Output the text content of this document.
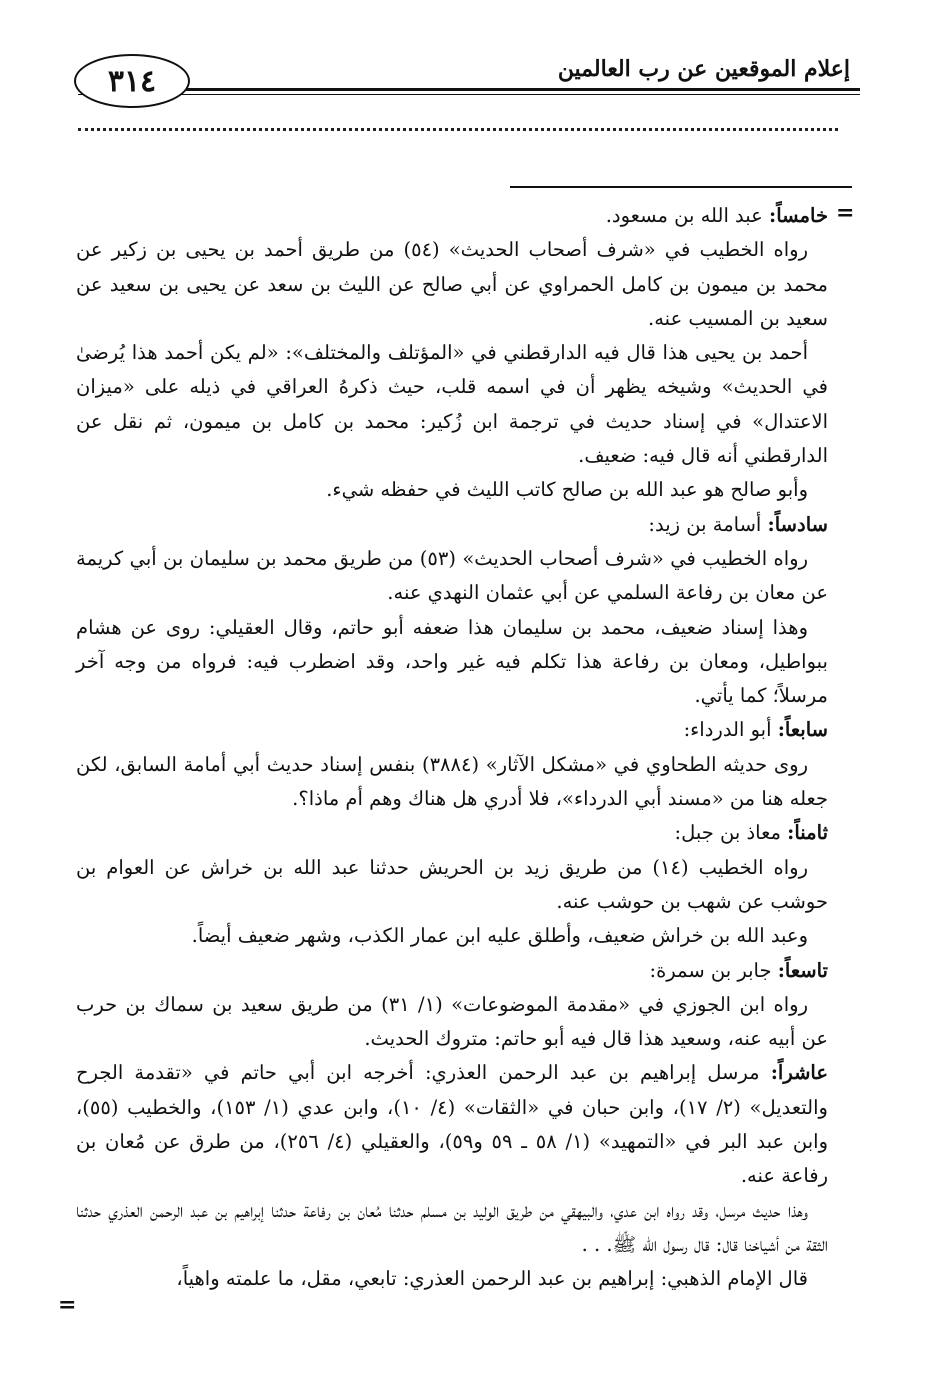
إعلام الموقعين عن رب العالمين
٣١٤
=
=

خامساً: عبد الله بن مسعود.

رواه الخطيب في «شرف أصحاب الحديث» (٥٤) من طريق أحمد بن يحيى بن زكير عن محمد بن ميمون بن كامل الحمراوي عن أبي صالح عن الليث بن سعد عن يحيى بن سعيد عن سعيد بن المسيب عنه.

أحمد بن يحيى هذا قال فيه الدارقطني في «المؤتلف والمختلف»: «لم يكن أحمد هذا يُرضىٰ في الحديث» وشيخه يظهر أن في اسمه قلب، حيث ذكرهُ العراقي في ذيله على «ميزان الاعتدال» في إسناد حديث في ترجمة ابن زُكير: محمد بن كامل بن ميمون، ثم نقل عن الدارقطني أنه قال فيه: ضعيف.

وأبو صالح هو عبد الله بن صالح كاتب الليث في حفظه شيء.

سادساً: أسامة بن زيد:

رواه الخطيب في «شرف أصحاب الحديث» (٥٣) من طريق محمد بن سليمان بن أبي كريمة عن معان بن رفاعة السلمي عن أبي عثمان النهدي عنه.

وهذا إسناد ضعيف، محمد بن سليمان هذا ضعفه أبو حاتم، وقال العقيلي: روى عن هشام ببواطيل، ومعان بن رفاعة هذا تكلم فيه غير واحد، وقد اضطرب فيه: فرواه من وجه آخر مرسلاً؛ كما يأتي.

سابعاً: أبو الدرداء:

روى حديثه الطحاوي في «مشكل الآثار» (٣٨٨٤) بنفس إسناد حديث أبي أمامة السابق، لكن جعله هنا من «مسند أبي الدرداء»، فلا أدري هل هناك وهم أم ماذا؟.

ثامناً: معاذ بن جبل:

رواه الخطيب (١٤) من طريق زيد بن الحريش حدثنا عبد الله بن خراش عن العوام بن حوشب عن شهب بن حوشب عنه.

وعبد الله بن خراش ضعيف، وأطلق عليه ابن عمار الكذب، وشهر ضعيف أيضاً.

تاسعاً: جابر بن سمرة:

رواه ابن الجوزي في «مقدمة الموضوعات» (١/ ٣١) من طريق سعيد بن سماك بن حرب عن أبيه عنه، وسعيد هذا قال فيه أبو حاتم: متروك الحديث.

عاشراً: مرسل إبراهيم بن عبد الرحمن العذري: أخرجه ابن أبي حاتم في «تقدمة الجرح والتعديل» (٢/ ١٧)، وابن حبان في «الثقات» (٤/ ١٠)، وابن عدي (١/ ١٥٣)، والخطيب (٥٥)، وابن عبد البر في «التمهيد» (١/ ٥٨ ـ ٥٩ و٥٩)، والعقيلي (٤/ ٢٥٦)، من طرق عن مُعان بن رفاعة عنه.

وهذا حديث مرسل، وقد رواه ابن عدي، والبيهقي من طريق الوليد بن مسلم حدثنا مُعان بن رفاعة حدثنا إبراهيم بن عبد الرحمن العذري حدثنا الثقة من أشياخنا قال: قال رسول الله ﷺ. . .

قال الإمام الذهبي: إبراهيم بن عبد الرحمن العذري: تابعي، مقل، ما علمته واهياً،
